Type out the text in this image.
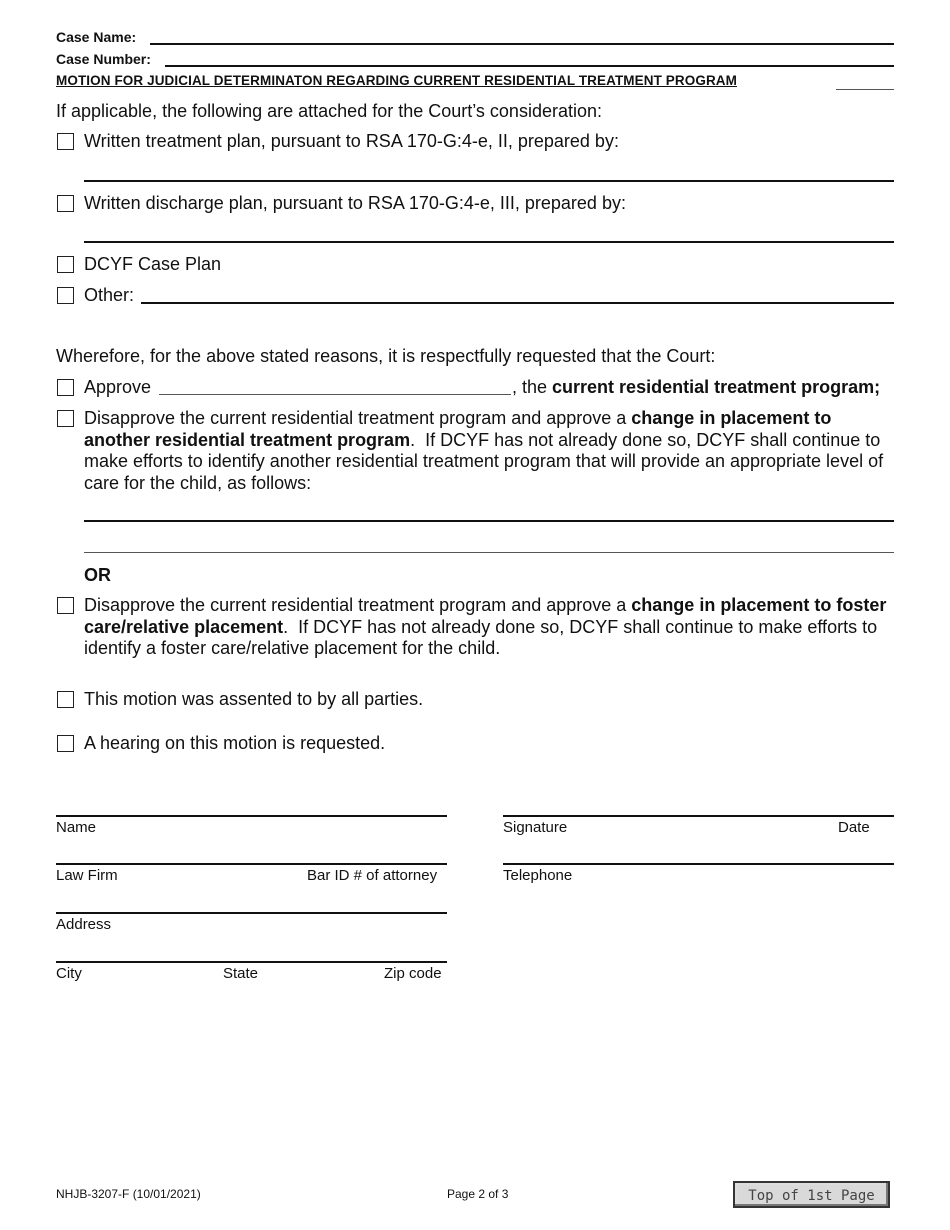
Case Name:
Case Number:
MOTION FOR JUDICIAL DETERMINATON REGARDING CURRENT RESIDENTIAL TREATMENT PROGRAM
If applicable, the following are attached for the Court’s consideration:
Written treatment plan, pursuant to RSA 170-G:4-e, II, prepared by:
Written discharge plan, pursuant to RSA 170-G:4-e, III, prepared by:
DCYF Case Plan
Other:
Wherefore, for the above stated reasons, it is respectfully requested that the Court:
Approve	, the current residential treatment program;
Disapprove the current residential treatment program and approve a change in placement to another residential treatment program.  If DCYF has not already done so, DCYF shall continue to make efforts to identify another residential treatment program that will provide an appropriate level of care for the child, as follows:
OR
Disapprove the current residential treatment program and approve a change in placement to foster care/relative placement.  If DCYF has not already done so, DCYF shall continue to make efforts to identify a foster care/relative placement for the child.
This motion was assented to by all parties.
A hearing on this motion is requested.
Name	Signature	Date
Law Firm	Bar ID # of attorney	Telephone
Address
City	State	Zip code
NHJB-3207-F (10/01/2021)	Page 2 of 3	Top of 1st Page
